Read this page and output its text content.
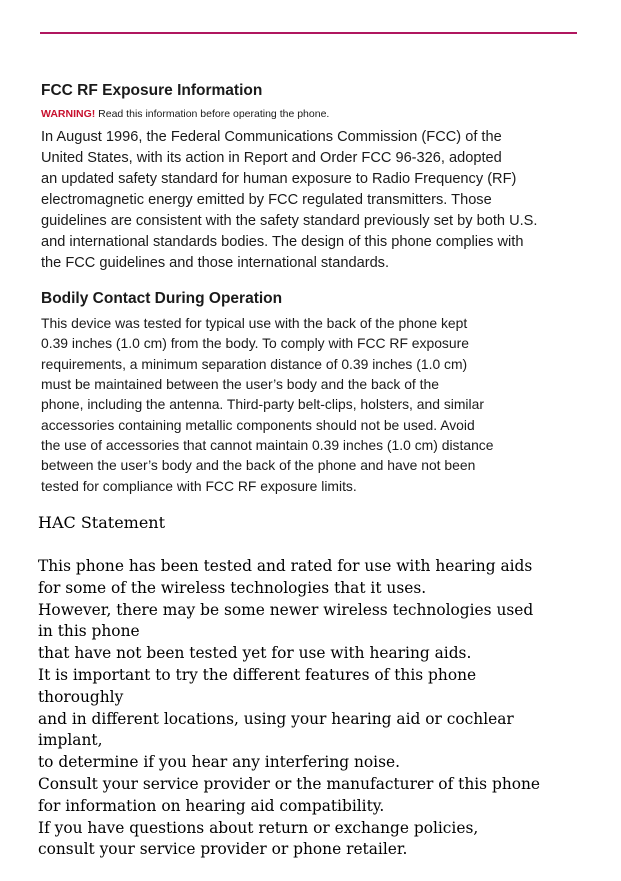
FCC RF Exposure Information
WARNING! Read this information before operating the phone.
In August 1996, the Federal Communications Commission (FCC) of the
United States, with its action in Report and Order FCC 96-326, adopted
an updated safety standard for human exposure to Radio Frequency (RF)
electromagnetic energy emitted by FCC regulated transmitters. Those
guidelines are consistent with the safety standard previously set by both U.S.
and international standards bodies. The design of this phone complies with
the FCC guidelines and those international standards.
Bodily Contact During Operation
This device was tested for typical use with the back of the phone kept
0.39 inches (1.0 cm) from the body. To comply with FCC RF exposure
requirements, a minimum separation distance of 0.39 inches (1.0 cm)
must be maintained between the user’s body and the back of the
phone, including the antenna. Third-party belt-clips, holsters, and similar
accessories containing metallic components should not be used. Avoid
the use of accessories that cannot maintain 0.39 inches (1.0 cm) distance
between the user’s body and the back of the phone and have not been
tested for compliance with FCC RF exposure limits.
HAC Statement
This phone has been tested and rated for use with hearing aids
for some of the wireless technologies that it uses.
However, there may be some newer wireless technologies used
in this phone
that have not been tested yet for use with hearing aids.
It is important to try the different features of this phone
thoroughly
and in different locations, using your hearing aid or cochlear
implant,
to determine if you hear any interfering noise.
Consult your service provider or the manufacturer of this phone
for information on hearing aid compatibility.
If you have questions about return or exchange policies,
consult your service provider or phone retailer.
